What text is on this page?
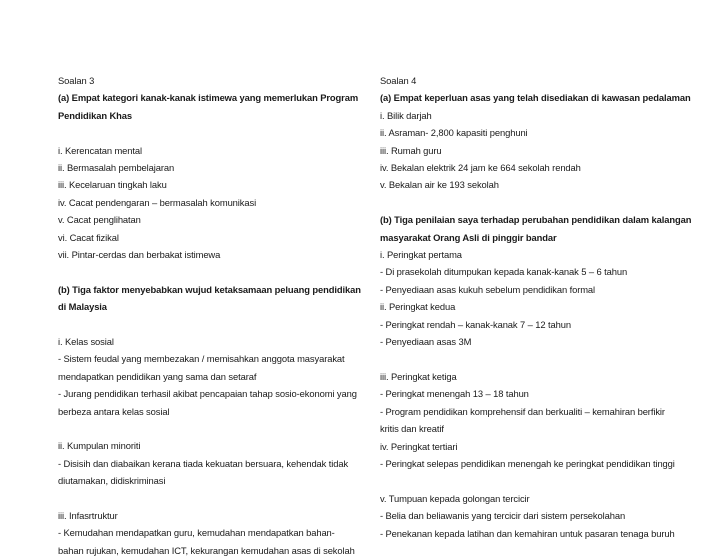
Soalan 3
(a) Empat kategori kanak-kanak istimewa yang memerlukan Program
Pendidikan Khas
i. Kerencatan mental
ii. Bermasalah pembelajaran
iii. Kecelaruan tingkah laku
iv. Cacat pendengaran – bermasalah komunikasi
v. Cacat penglihatan
vi. Cacat fizikal
vii. Pintar-cerdas dan berbakat istimewa
(b) Tiga faktor menyebabkan wujud ketaksamaan peluang pendidikan
di Malaysia
i. Kelas sosial
- Sistem feudal yang membezakan / memisahkan anggota masyarakat
mendapatkan pendidikan yang sama dan setaraf
- Jurang pendidikan terhasil akibat pencapaian tahap sosio-ekonomi yang
berbeza antara kelas sosial
ii. Kumpulan minoriti
- Disisih dan diabaikan kerana tiada kekuatan bersuara, kehendak tidak
diutamakan, didiskriminasi
iii. Infasrtruktur
- Kemudahan mendapatkan guru, kemudahan mendapatkan bahan-
bahan rujukan, kemudahan ICT, kekurangan kemudahan asas di sekolah
Soalan 4
(a) Empat keperluan asas yang telah disediakan di kawasan pedalaman
i. Bilik darjah
ii. Asraman- 2,800 kapasiti penghuni
iii. Rumah guru
iv. Bekalan elektrik 24 jam ke 664 sekolah rendah
v. Bekalan air ke 193 sekolah
(b) Tiga penilaian saya terhadap perubahan pendidikan dalam kalangan
masyarakat Orang Asli di pinggir bandar
i. Peringkat pertama
- Di prasekolah ditumpukan kepada kanak-kanak 5 – 6 tahun
- Penyediaan asas kukuh sebelum pendidikan formal
ii. Peringkat kedua
- Peringkat rendah – kanak-kanak 7 – 12 tahun
- Penyediaan asas 3M
iii. Peringkat ketiga
- Peringkat menengah 13 – 18 tahun
- Program pendidikan komprehensif dan berkualiti – kemahiran berfikir
kritis dan kreatif
iv. Peringkat tertiari
- Peringkat selepas pendidikan menengah ke peringkat pendidikan tinggi
v. Tumpuan kepada golongan tercicir
- Belia dan beliawanis yang tercicir dari sistem persekolahan
- Penekanan kepada latihan dan kemahiran untuk pasaran tenaga buruh
